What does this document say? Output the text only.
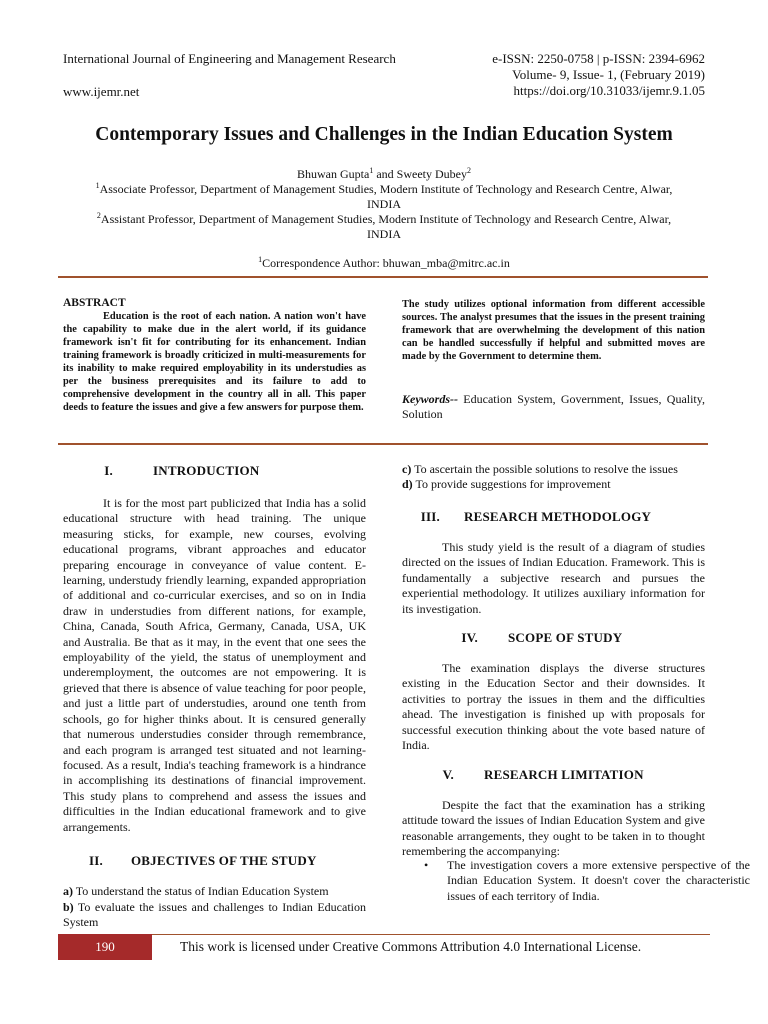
International Journal of Engineering and Management Research
www.ijemr.net
e-ISSN: 2250-0758 | p-ISSN: 2394-6962
Volume- 9, Issue- 1, (February 2019)
https://doi.org/10.31033/ijemr.9.1.05
Contemporary Issues and Challenges in the Indian Education System
Bhuwan Gupta$^1$ and Sweety Dubey$^2$
$^1$Associate Professor, Department of Management Studies, Modern Institute of Technology and Research Centre, Alwar,
INDIA
$^2$Assistant Professor, Department of Management Studies, Modern Institute of Technology and Research Centre, Alwar,
INDIA
$^1$Correspondence Author: bhuwan_mba@mitrc.ac.in
ABSTRACT
Education is the root of each nation. A nation won't have the capability to make due in the alert world, if its guidance framework isn't fit for contributing for its enhancement. Indian training framework is broadly criticized in multi-measurements for its inability to make required employability in its understudies as per the business prerequisites and its failure to add to comprehensive development in the country all in all. This paper deeds to feature the issues and give a few answers for purpose them.
The study utilizes optional information from different accessible sources. The analyst presumes that the issues in the present training framework that are overwhelming the development of this nation can be handled successfully if helpful and submitted moves are made by the Government to determine them.
Keywords-- Education System, Government, Issues, Quality, Solution
I.	INTRODUCTION
It is for the most part publicized that India has a solid educational structure with head training. The unique measuring sticks, for example, new courses, evolving educational programs, vibrant approaches and educator preparing encourage in conveyance of value content. E-learning, understudy friendly learning, expanded appropriation of additional and co-curricular exercises, and so on in India draw in understudies from different nations, for example, China, Canada, South Africa, Germany, Canada, USA, UK and Australia. Be that as it may, in the event that one sees the employability of the yield, the status of unemployment and underemployment, the outcomes are not empowering. It is grieved that there is absence of value teaching for poor people, and just a little part of understudies, around one tenth from schools, go for higher thinks about. It is censured generally that numerous understudies consider through remembrance, and each program is arranged test situated and not learning-focused. As a result, India's teaching framework is a hindrance in accomplishing its destinations of financial improvement. This study plans to comprehend and assess the issues and difficulties in the Indian educational framework and to give arrangements.
II. OBJECTIVES OF THE STUDY
a) To understand the status of Indian Education System
b) To evaluate the issues and challenges to Indian Education System
c) To ascertain the possible solutions to resolve the issues
d) To provide suggestions for improvement
III. RESEARCH METHODOLOGY
This study yield is the result of a diagram of studies directed on the issues of Indian Education. Framework. This is fundamentally a subjective research and pursues the experiential methodology. It utilizes auxiliary information for its investigation.
IV. SCOPE OF STUDY
The examination displays the diverse structures existing in the Education Sector and their downsides. It activities to portray the issues in them and the difficulties ahead. The investigation is finished up with proposals for successful execution thinking about the vote based nature of India.
V. RESEARCH LIMITATION
Despite the fact that the examination has a striking attitude toward the issues of Indian Education System and give reasonable arrangements, they ought to be taken in to thought remembering the accompanying:
• The investigation covers a more extensive perspective of the Indian Education System. It doesn't cover the characteristic issues of each territory of India.
190	This work is licensed under Creative Commons Attribution 4.0 International License.
